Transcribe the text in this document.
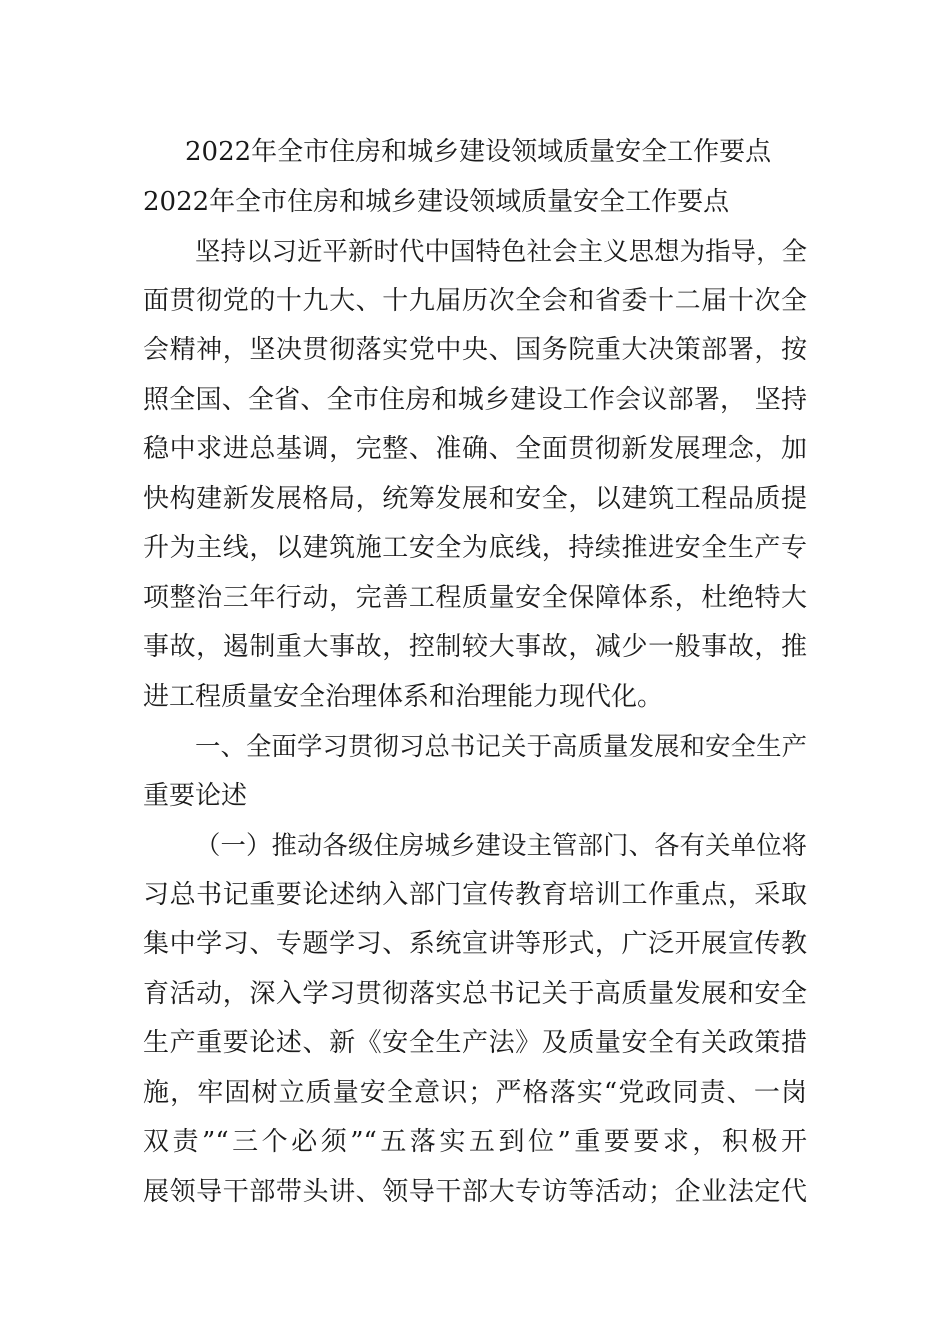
2022年全市住房和城乡建设领域质量安全工作要点
2022年全市住房和城乡建设领域质量安全工作要点
坚持以习近平新时代中国特色社会主义思想为指导，全
面贯彻党的十九大、十九届历次全会和省委十二届十次全
会精神，坚决贯彻落实党中央、国务院重大决策部署，按
照全国、全省、全市住房和城乡建设工作会议部署， 坚持
稳中求进总基调，完整、准确、全面贯彻新发展理念，加
快构建新发展格局，统筹发展和安全，以建筑工程品质提
升为主线，以建筑施工安全为底线，持续推进安全生产专
项整治三年行动，完善工程质量安全保障体系，杜绝特大
事故，遏制重大事故，控制较大事故，减少一般事故，推
进工程质量安全治理体系和治理能力现代化。
一、全面学习贯彻习总书记关于高质量发展和安全生产
重要论述
（一）推动各级住房城乡建设主管部门、各有关单位将
习总书记重要论述纳入部门宣传教育培训工作重点，采取
集中学习、专题学习、系统宣讲等形式，广泛开展宣传教
育活动，深入学习贯彻落实总书记关于高质量发展和安全
生产重要论述、新《安全生产法》及质量安全有关政策措
施，牢固树立质量安全意识；严格落实“党政同责、一岗
双责”“三个必须”“五落实五到位”重要要求，积极开
展领导干部带头讲、领导干部大专访等活动；企业法定代
